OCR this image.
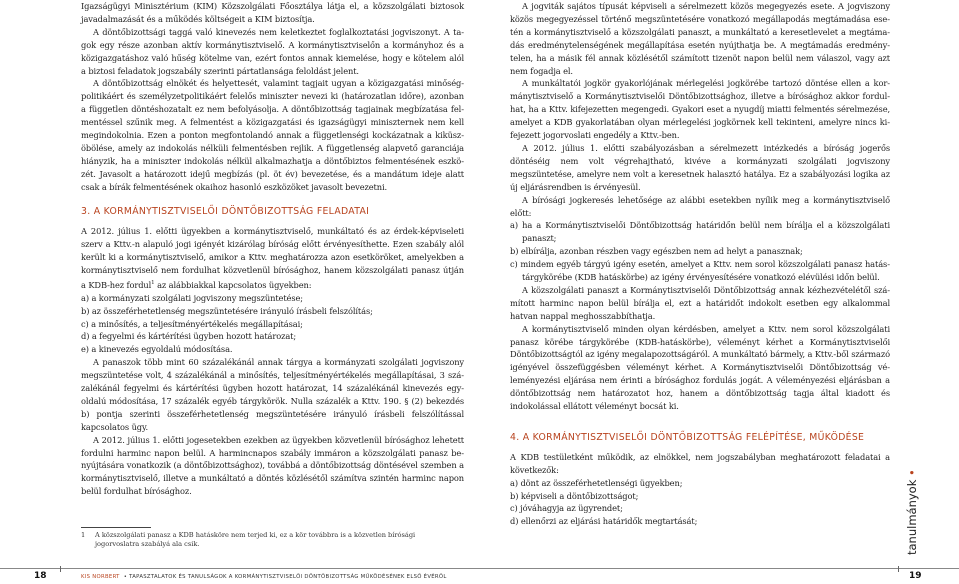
Igazságügyi Minisztérium (KIM) Közszolgálati Főosztálya látja el, a közszolgálati biztosok javadalmazását és a működés költségeit a KIM biztosítja.

A döntőbizottsági taggá való kinevezés nem keletkeztet foglalkoztatási jogviszonyt. A tagok egy része azonban aktív kormánytisztviselő. A kormánytisztviselőn a kormányhoz és a közigazgatáshoz való hűség kötelme van, ezért fontos annak kiemelése, hogy e kötelem alól a biztosi feladatok jogszabály szerinti pártatlansága feloldást jelent.

A döntőbizottság elnökét és helyettesét, valamint tagjait ugyan a közigazgatási minőségpolitikáért és személyzetpolitikáért felelős miniszter nevezi ki (határozatlan időre), azonban a független döntéshozatalt ez nem befolyásolja. A döntőbizottság tagjainak megbízatása felmentéssel szűnik meg. A felmentést a közigazgatási és igazságügyi miniszternek nem kell megindokolnia. Ezen a ponton megfontolandó annak a függetlenségi kockázatnak a kiküszöbölése, amely az indokolás nélküli felmentésben rejlik. A függetlenség alapvető garanciája hiányzik, ha a miniszter indokolás nélkül alkalmazhatja a döntőbiztos felmentésének eszközét. Javasolt a határozott idejű megbízás (pl. öt év) bevezetése, és a mandátum ideje alatt csak a bírák felmentésének okaihoz hasonló eszközöket javasolt bevezetni.

3. A KORMÁNYTISZTVISELŐI DÖNTŐBIZOTTSÁG FELADATAI

A 2012. július 1. előtti ügyekben a kormánytisztviselő, munkáltató és az érdek-képviseleti szerv a Kttv.-n alapuló jogi igényét kizárólag bíróság előtt érvényesíthette. Ezen szabály alól került ki a kormánytisztviselő, amikor a Kttv. meghatározza azon esetköröket, amelyekben a kormánytisztviselő nem fordulhat közvetlenül bírósághoz, hanem közszolgálati panasz útján a KDB-hez fordul$^1$ az alábbiakkal kapcsolatos ügyekben:

a) a kormányzati szolgálati jogviszony megszüntetése;

b) az összeférhetetlenség megszüntetésére irányuló írásbeli felszólítás;

c) a minősítés, a teljesítményértékelés megállapításai;

d) a fegyelmi és kártérítési ügyben hozott határozat;

e) a kinevezés egyoldalú módosítása.

A panaszok több mint 60 százalékánál annak tárgya a kormányzati szolgálati jogviszony megszüntetése volt, 4 százalékánál a minősítés, teljesítményértékelés megállapításai, 3 százalékánál fegyelmi és kártérítési ügyben hozott határozat, 14 százalékánál kinevezés egyoldalú módosítása, 17 százalék egyéb tárgykörök. Nulla százalék a Kttv. 190. § (2) bekezdés b) pontja szerinti összeférhetetlenség megszüntetésére irányuló írásbeli felszólítással kapcsolatos ügy.

A 2012. július 1. előtti jogesetekben ezekben az ügyekben közvetlenül bírósághoz lehetett fordulni harminc napon belül. A harmincnapos szabály immáron a közszolgálati panasz benyújtására vonatkozik (a döntőbizottsághoz), továbbá a döntőbizottság döntésével szemben a kormánytisztviselő, illetve a munkáltató a döntés közlésétől számítva szintén harminc napon belül fordulhat bírósághoz.

1	A közszolgálati panasz a KDB hatásköre nem terjed ki, ez a kör továbbra is a közvetlen bírósági jogorvoslatra szabályá ala csik.

A jogviták sajátos típusát képviseli a sérelmezett közös megegyezés esete. A jogviszony közös megegyezéssel történő megszüntetésére vonatkozó megállapodás megtámadása esetén a kormánytisztviselő a közszolgálati panaszt, a munkáltató a keresetlevelet a megtámadás eredménytelenségének megállapítása esetén nyújthatja be. A megtámadás eredménytelen, ha a másik fél annak közlésétől számított tizenöt napon belül nem válaszol, vagy azt nem fogadja el.

A munkáltatói jogkör gyakorlójának mérlegelési jogkörébe tartozó döntése ellen a kormánytisztviselő a Kormánytisztviselői Döntőbizottsághoz, illetve a bírósághoz akkor fordulhat, ha a Kttv. kifejezetten megengedi. Gyakori eset a nyugdíj miatti felmentés sérelmezése, amelyet a KDB gyakorlatában olyan mérlegelési jogkörnek kell tekinteni, amelyre nincs kifejezett jogorvoslati engedély a Kttv.-ben.

A 2012. július 1. előtti szabályozásban a sérelmezett intézkedés a bíróság jogerős döntéséig nem volt végrehajtható, kivéve a kormányzati szolgálati jogviszony megszüntetése, amelyre nem volt a keresetnek halasztó hatálya. Ez a szabályozási logika az új eljárásrendben is érvényesül.

A bírósági jogkeresés lehetősége az alábbi esetekben nyílik meg a kormánytisztviselő előtt:

a) ha a Kormánytisztviselői Döntőbizottság határidőn belül nem bírálja el a közszolgálati panaszt;

b) elbírálja, azonban részben vagy egészben nem ad helyt a panasznak;

c) mindem egyéb tárgyú igény esetén, amelyet a Kttv. nem sorol közszolgálati panasz hatástárgykörébe (KDB hatáskörbe) az igény érvényesítésére vonatkozó elévülési időn belül.

A közszolgálati panaszt a Kormánytisztviselői Döntőbizottság annak kézhezvételétől számított harminc napon belül bírálja el, ezt a határidőt indokolt esetben egy alkalommal hatvan nappal meghosszabbíthatja.

A kormánytisztviselő minden olyan kérdésben, amelyet a Kttv. nem sorol közszolgálati panasz körébe tárgykörébe (KDB-hatáskörbe), véleményt kérhet a Kormánytisztviselői Döntőbizottságtól az igény megalapozottságáról. A munkáltató bármely, a Kttv.-ből származó igényével összefüggésben véleményt kérhet. A Kormánytisztviselői Döntőbizottság véleményezési eljárása nem érinti a bírósághoz fordulás jogát. A véleményezési eljárásban a döntőbizottság nem határozatot hoz, hanem a döntőbizottság tagja által kiadott és indokolással ellátott véleményt bocsát ki.

4. A KORMÁNYTISZTVISELŐI DÖNTŐBIZOTTSÁG FELÉPÍTÉSE, MŰKÖDÉSE

A KDB testületként működik, az elnökkel, nem jogszabályban meghatározott feladatai a következők:

a) dönt az összeférhetetlenségi ügyekben;

b) képviseli a döntőbizottságot;

c) jóváhagyja az ügyrendet;

d) ellenőrzi az eljárási határidők megtartását;	tanulmányok •
18	KIS NORBERT • TAPASZTALATOK ÉS TANULSÁGOK A KORMÁNYTISZTVISELŐI DÖNTŐBIZOTTSÁG MŰKÖDÉSÉNEK ELSŐ ÉVÉRŐL	19
